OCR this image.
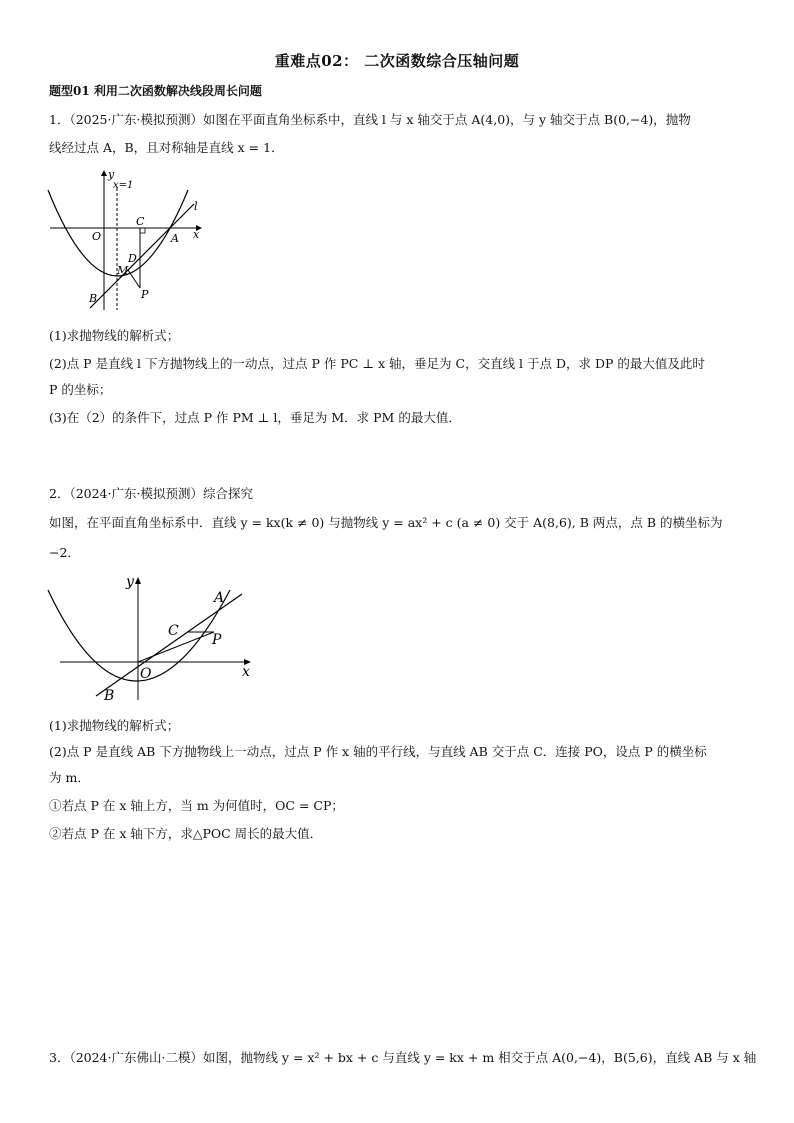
重难点02： 二次函数综合压轴问题
题型01 利用二次函数解决线段周长问题
1．（2025·广东·模拟预测）如图在平面直角坐标系中，直线 l 与 x 轴交于点 A(4,0)，与 y 轴交于点 B(0,−4)，抛物
线经过点 A，B，且对称轴是直线 x = 1．
y
x=1
O
C
A x
l
D
M
B	P
(1)求抛物线的解析式；
(2)点 P 是直线 l 下方抛物线上的一动点，过点 P 作 PC ⊥ x 轴，垂足为 C，交直线 l 于点 D，求 DP 的最大值及此时
P 的坐标；
(3)在（2）的条件下，过点 P 作 PM ⊥ l，垂足为 M．求 PM 的最大值．
2．（2024·广东·模拟预测）综合探究
如图，在平面直角坐标系中．直线 y = kx(k ≠ 0) 与抛物线 y = ax² + c (a ≠ 0) 交于 A(8,6), B 两点，点 B 的横坐标为
−2．
y
A
C
P
O	x
B
(1)求抛物线的解析式；
(2)点 P 是直线 AB 下方抛物线上一动点，过点 P 作 x 轴的平行线，与直线 AB 交于点 C．连接 PO，设点 P 的横坐标
为 m．
①若点 P 在 x 轴上方，当 m 为何值时，OC = CP；
②若点 P 在 x 轴下方，求△POC 周长的最大值．
3．（2024·广东佛山·二模）如图，抛物线 y = x² + bx + c 与直线 y = kx + m 相交于点 A(0,−4)，B(5,6)，直线 AB 与 x 轴
